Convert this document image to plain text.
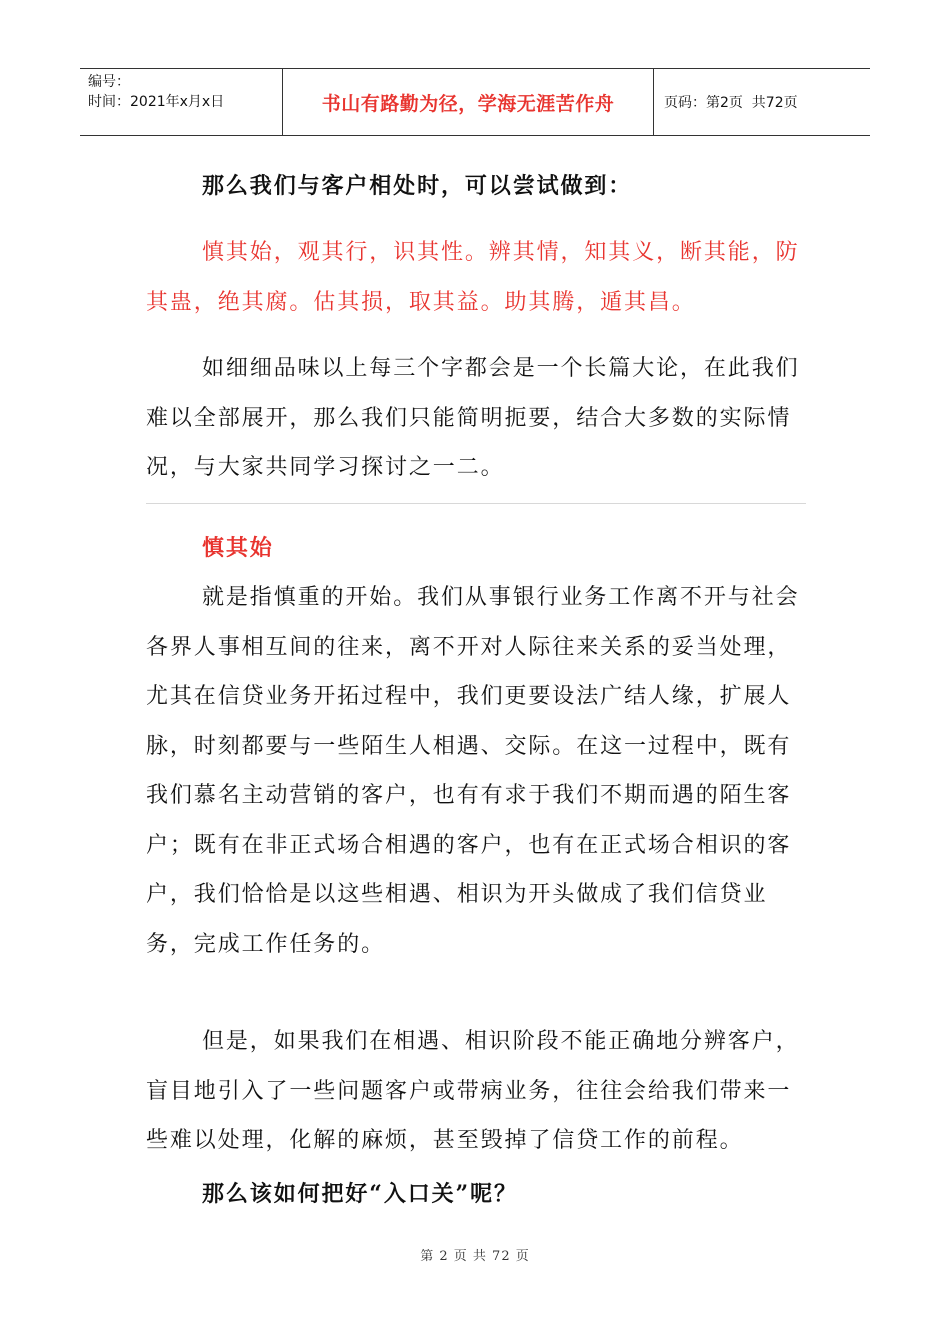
编号：
时间：2021年x月x日	书山有路勤为径，学海无涯苦作舟	页码：第2页  共72页

那么我们与客户相处时，可以尝试做到：

慎其始，观其行，识其性。辨其情，知其义，断其能，防其蛊，绝其腐。估其损，取其益。助其腾，遁其昌。

如细细品味以上每三个字都会是一个长篇大论，在此我们难以全部展开，那么我们只能简明扼要，结合大多数的实际情况，与大家共同学习探讨之一二。

慎其始

就是指慎重的开始。我们从事银行业务工作离不开与社会各界人事相互间的往来，离不开对人际往来关系的妥当处理，尤其在信贷业务开拓过程中，我们更要设法广结人缘，扩展人脉，时刻都要与一些陌生人相遇、交际。在这一过程中，既有我们慕名主动营销的客户，也有有求于我们不期而遇的陌生客户；既有在非正式场合相遇的客户，也有在正式场合相识的客户，我们恰恰是以这些相遇、相识为开头做成了我们信贷业务，完成工作任务的。

但是，如果我们在相遇、相识阶段不能正确地分辨客户，盲目地引入了一些问题客户或带病业务，往往会给我们带来一些难以处理，化解的麻烦，甚至毁掉了信贷工作的前程。

那么该如何把好“入口关”呢？

第 2 页 共 72 页
